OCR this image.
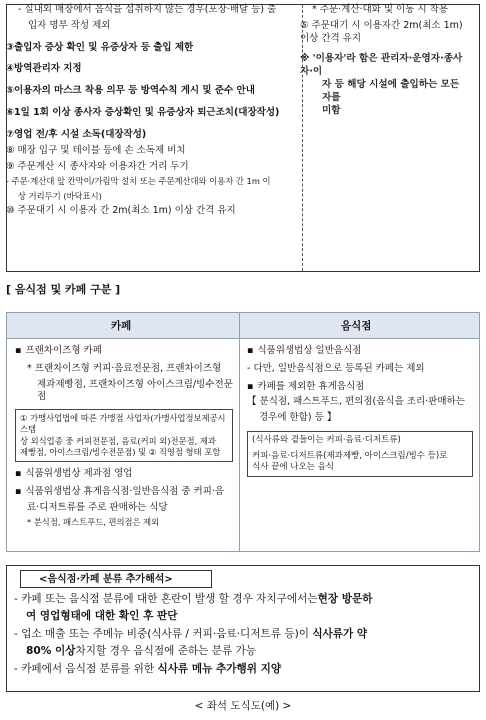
- 실내외 매장에서 음식을 섭취하지 않는 경우(포장·배달 등) 출
입자 명부 작성 제외
③출입자 증상 확인 및 유증상자 등 출입 제한
④방역관리자 지정
⑤이용자의 마스크 착용 의무 등 방역수칙 게시 및 준수 안내
⑥1일 1회 이상 종사자 증상확인 및 유증상자 퇴근조치(대장작성)
⑦영업 전/후 시설 소독(대장작성)
⑧ 매장 입구 및 테이블 등에 손 소독제 비치
⑨ 주문계산 시 종사자와 이용자간 거리 두기
- 주문·계산대 앞 칸막이/가림막 설치 또는 주문계산대와 이용자 간 1m 이
상 거리두기 (바닥표시)
⑩ 주문대기 시 이용자 간 2m(최소 1m) 이상 간격 유지
* 주문·계산·대화 및 이동 시 착용
⑤ 주문대기 시 이용자간 2m(최소 1m) 이상 간격 유지
※ '이용자'라 함은 관리자·운영자·종사자·이
자 등 해당 시설에 출입하는 모든 자를
미함
[ 음식점 및 카페 구분 ]
카페	음식점
▪ 프랜차이즈형 카페
* 프랜차이즈형 커피·음료전문점, 프랜차이즈형
제과제빵점, 프랜차이즈형 아이스크림/빙수전문점
① 가맹사업법에 따른 가맹점 사업자(가맹사업정보제공시스템
상 외식업종 중 커피전문점, 음료(커피 외)전문점, 제과
제빵점, 아이스크림/빙수전문점) 및 ② 직영점 형태 포함
▪ 식품위생법상 제과점 영업
▪ 식품위생법상 휴게음식점·일반음식점 중 커피·음
료·디저트류를 주로 판매하는 식당
* 분식점, 패스트푸드, 편의점은 제외
▪ 식품위생법상 일반음식점
- 다만, 일반음식점으로 등록된 카페는 제외
▪ 카페를 제외한 휴게음식점
【 분식점, 패스트푸드, 편의점(음식을 조리·판매하는
경우에 한함) 등 】
(식사류와 곁들이는 커피·음료·디저트류)
커피·음료·디저트류(제과제빵, 아이스크림/빙수 등)로
식사 끝에 나오는 음식
<음식점·카페 분류 추가해석>
- 카페 또는 음식점 분류에 대한 혼란이 발생 할 경우 자치구에서는현장 방문하
여 영업형태에 대한 확인 후 판단
- 업소 매출 또는 주메뉴 비중(식사류 / 커피·음료·디저트류 등)이 식사류가 약
80% 이상차지할 경우 음식점에 준하는 분류 가능
- 카페에서 음식점 분류를 위한 식사류 메뉴 추가행위 지양
< 좌석 도식도(예) >
